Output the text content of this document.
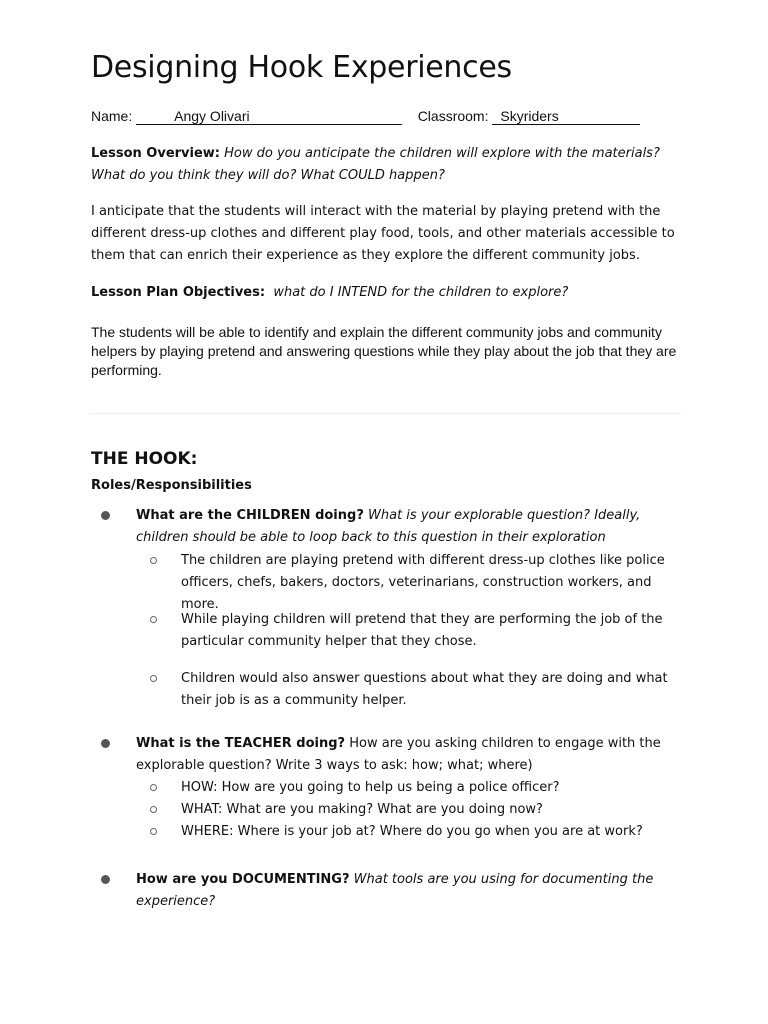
Designing Hook Experiences
Name:	Angy Olivari	Classroom: Skyriders
Lesson Overview: How do you anticipate the children will explore with the materials? What do you think they will do? What COULD happen?
I anticipate that the students will interact with the material by playing pretend with the different dress-up clothes and different play food, tools, and other materials accessible to them that can enrich their experience as they explore the different community jobs.
Lesson Plan Objectives: what do I INTEND for the children to explore?
The students will be able to identify and explain the different community jobs and community helpers by playing pretend and answering questions while they play about the job that they are performing.
THE HOOK:
Roles/Responsibilities
What are the CHILDREN doing? What is your explorable question? Ideally, children should be able to loop back to this question in their exploration
The children are playing pretend with different dress-up clothes like police officers, chefs, bakers, doctors, veterinarians, construction workers, and more.
While playing children will pretend that they are performing the job of the particular community helper that they chose.
Children would also answer questions about what they are doing and what their job is as a community helper.
What is the TEACHER doing? How are you asking children to engage with the explorable question? Write 3 ways to ask: how; what; where)
HOW: How are you going to help us being a police officer?
WHAT: What are you making? What are you doing now?
WHERE: Where is your job at? Where do you go when you are at work?
How are you DOCUMENTING? What tools are you using for documenting the experience?
